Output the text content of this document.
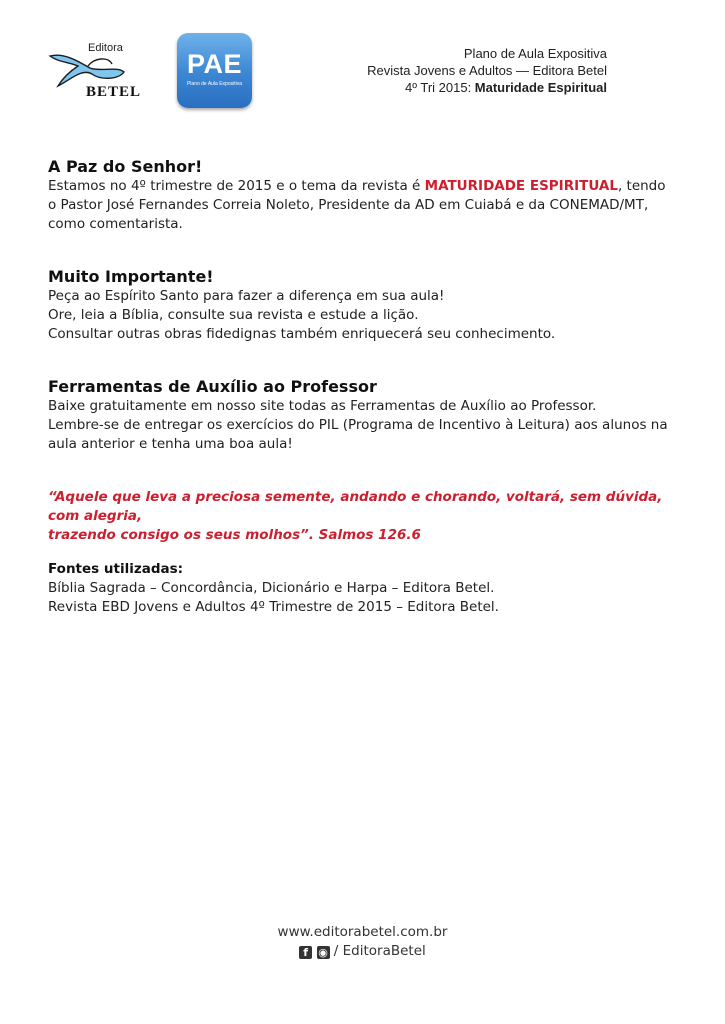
Editora
BETEL
PAE
Plano de Aula Expositiva
Plano de Aula Expositiva
Revista Jovens e Adultos — Editora Betel
4º Tri 2015: Maturidade Espiritual
A Paz do Senhor!

Estamos no 4º trimestre de 2015 e o tema da revista é MATURIDADE ESPIRITUAL, tendo

o Pastor José Fernandes Correia Noleto, Presidente da AD em Cuiabá e da CONEMAD/MT,

como comentarista.

Muito Importante!

Peça ao Espírito Santo para fazer a diferença em sua aula!

Ore, leia a Bíblia, consulte sua revista e estude a lição.

Consultar outras obras fidedignas também enriquecerá seu conhecimento.

Ferramentas de Auxílio ao Professor

Baixe gratuitamente em nosso site todas as Ferramentas de Auxílio ao Professor.

Lembre-se de entregar os exercícios do PIL (Programa de Incentivo à Leitura) aos alunos na

aula anterior e tenha uma boa aula!

“Aquele que leva a preciosa semente, andando e chorando, voltará, sem dúvida, com alegria,
trazendo consigo os seus molhos”. Salmos 126.6
Fontes utilizadas:

Bíblia Sagrada – Concordância, Dicionário e Harpa – Editora Betel.

Revista EBD Jovens e Adultos 4º Trimestre de 2015 – Editora Betel.

www.editorabetel.com.br
f ◉ / EditoraBetel
